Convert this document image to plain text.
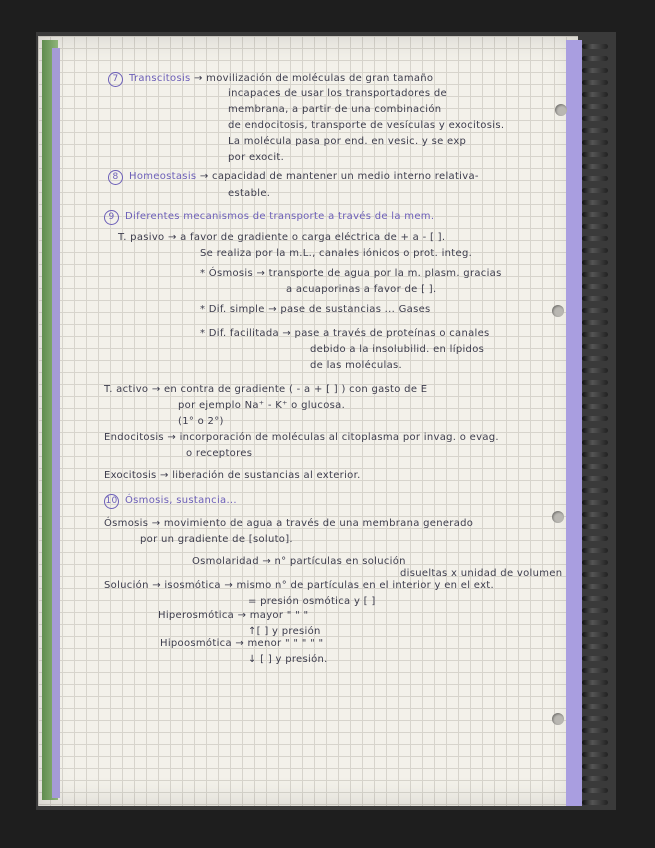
7 Transcitosis → movilización de moléculas de gran tamaño
incapaces de usar los transportadores de
membrana, a partir de una combinación
de endocitosis, transporte de vesículas y exocitosis.
La molécula pasa por end. en vesic. y se exp
por exocit.
8 Homeostasis → capacidad de mantener un medio interno relativa-
estable.
9 Diferentes mecanismos de transporte a través de la mem.
T. pasivo → a favor de gradiente o carga eléctrica de + a - [ ].
Se realiza por la m.L., canales iónicos o prot. integ.
* Ósmosis → transporte de agua por la m. plasm. gracias
a acuaporinas a favor de [ ].
* Dif. simple → pase de sustancias ... Gases
* Dif. facilitada → pase a través de proteínas o canales
debido a la insolubilid. en lípidos
de las moléculas.
T. activo → en contra de gradiente ( - a + [ ] ) con gasto de E
por ejemplo Na⁺ - K⁺ o glucosa.
(1° o 2°)
Endocitosis → incorporación de moléculas al citoplasma por invag. o evag.
o receptores
Exocitosis → liberación de sustancias al exterior.
10 Ósmosis, sustancia...
Ósmosis → movimiento de agua a través de una membrana generado
por un gradiente de [soluto].
Osmolaridad → n° partículas en solución
disueltas x unidad de volumen
Solución → isosmótica → mismo n° de partículas en el interior y en el ext.
= presión osmótica y [ ]
Hiperosmótica → mayor " " "
↑[ ] y presión
Hipoosmótica → menor " " " " "
↓ [ ] y presión.
